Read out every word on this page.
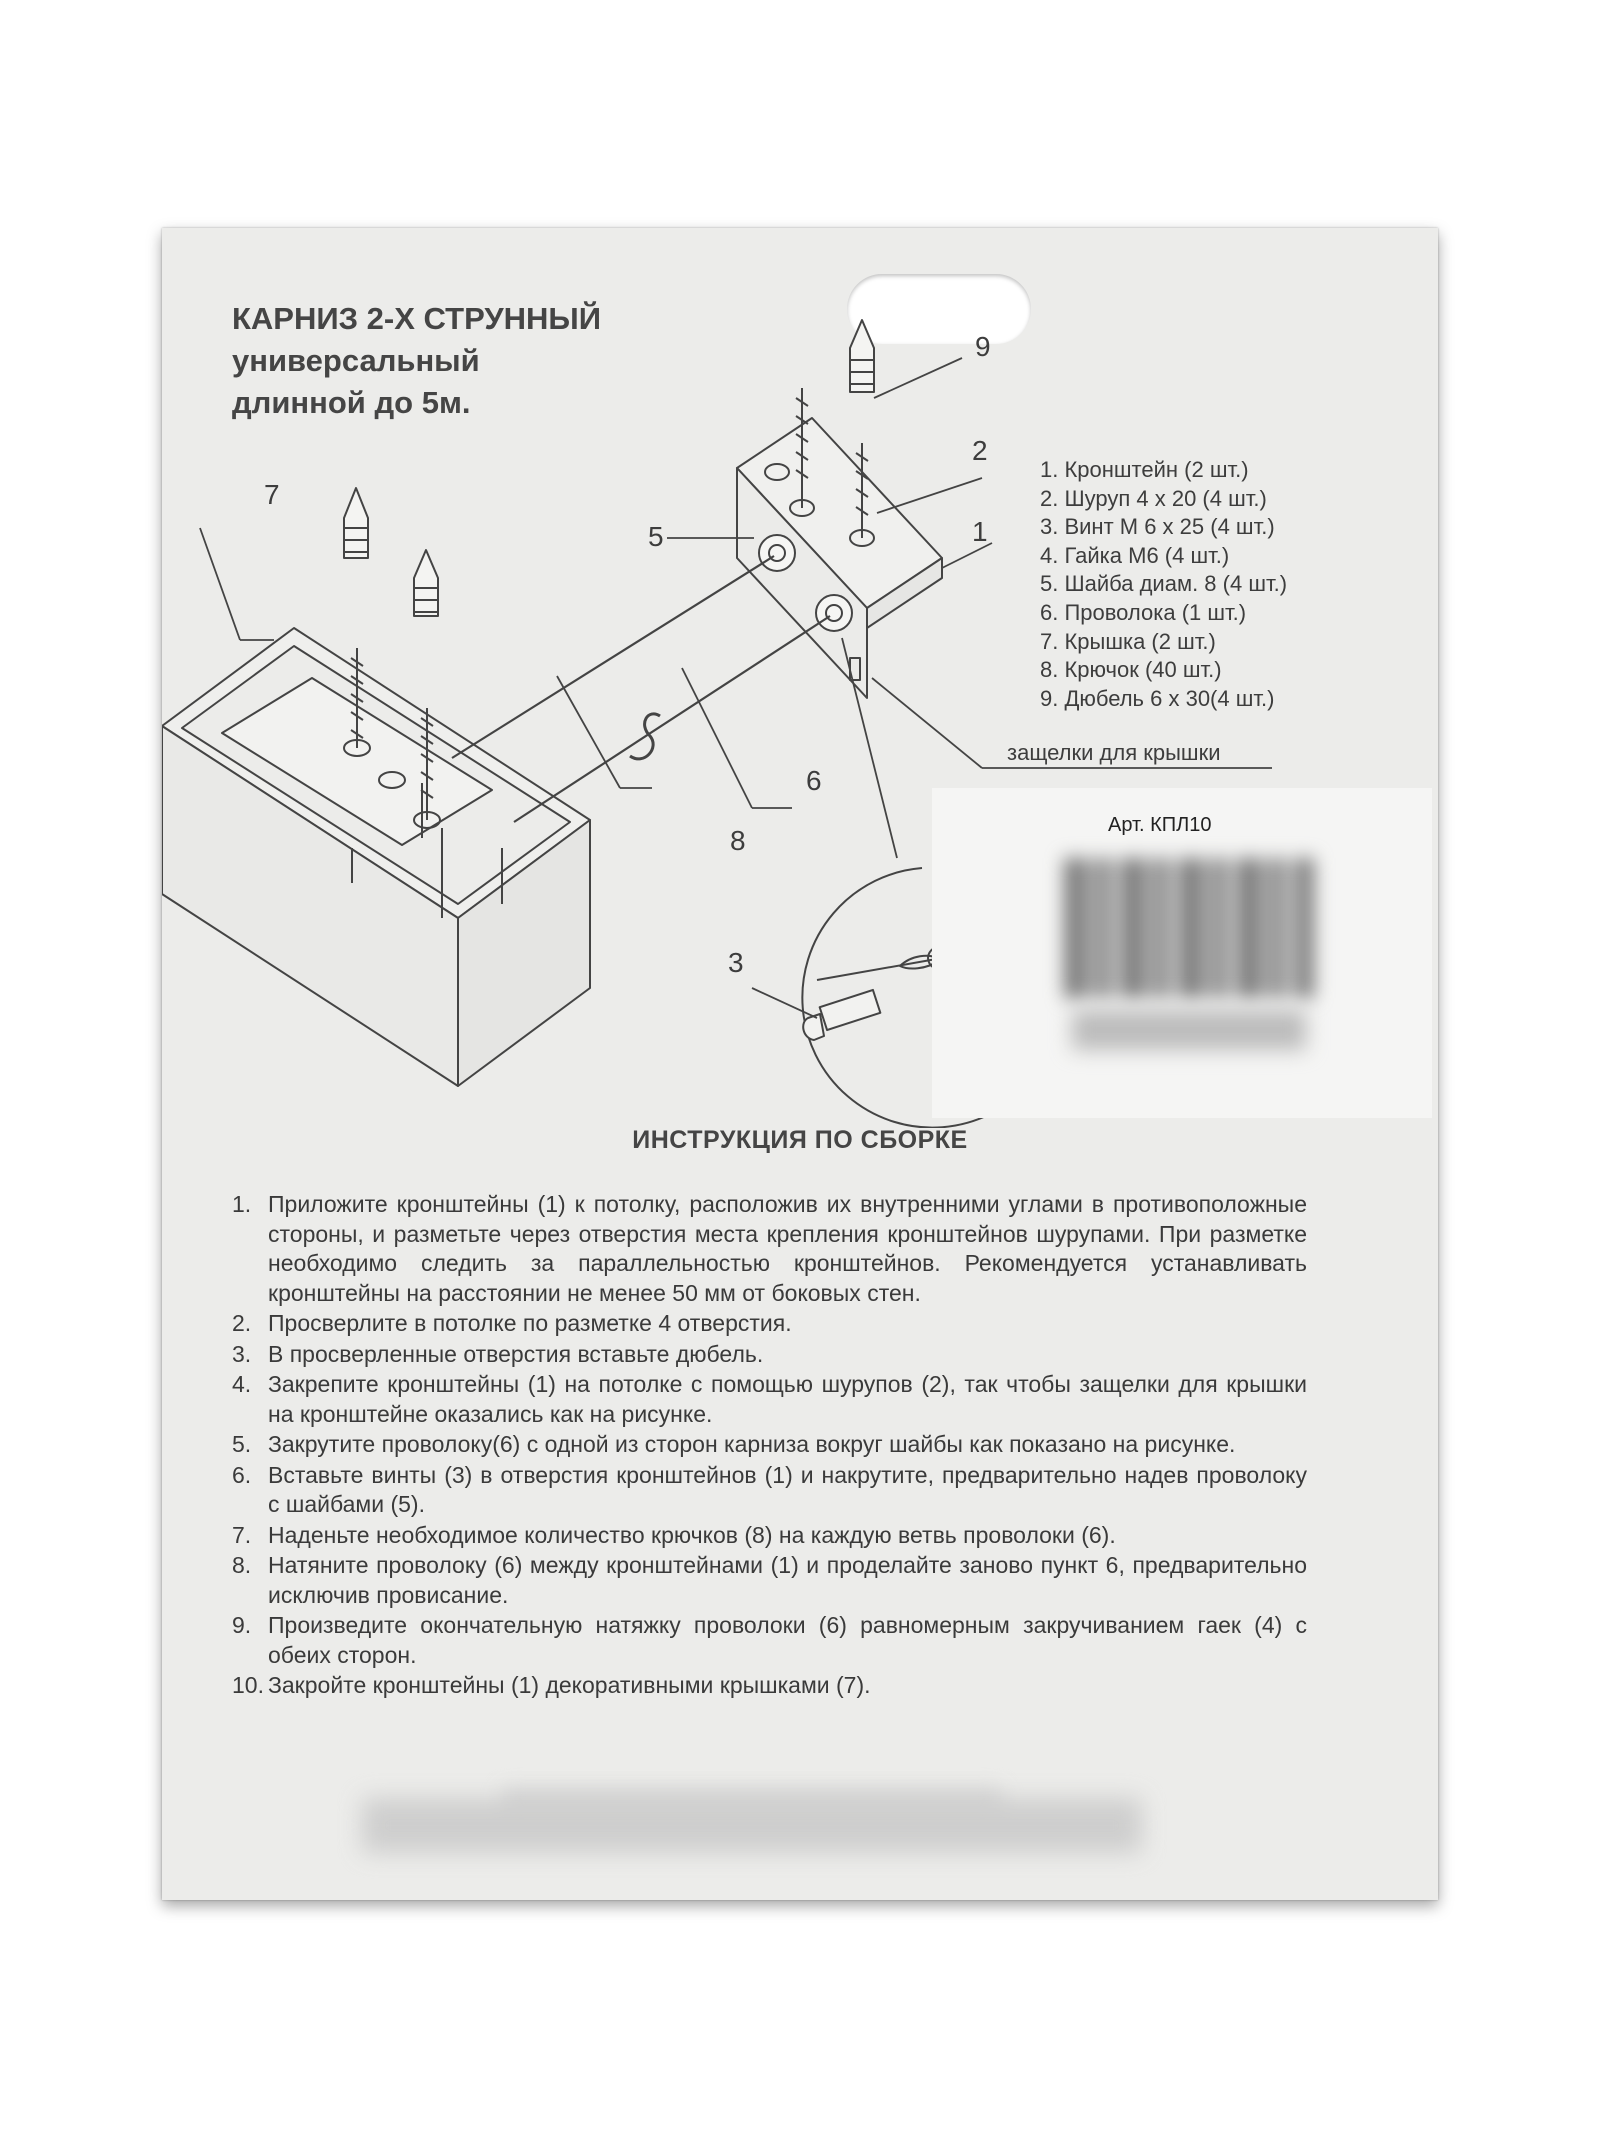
КАРНИЗ 2-Х СТРУННЫЙ
универсальный
длинной до 5м.
9
2
1
5
7
6
8
3
1. Кронштейн (2 шт.)
2. Шуруп 4 х 20 (4 шт.)
3. Винт М 6 х 25 (4 шт.)
4. Гайка М6 (4 шт.)
5. Шайба диам. 8 (4 шт.)
6. Проволока (1 шт.)
7. Крышка (2 шт.)
8. Крючок (40 шт.)
9. Дюбель 6 х 30(4 шт.)
защелки для крышки
Арт. КПЛ10
ИНСТРУКЦИЯ ПО СБОРКЕ
1. Приложите кронштейны (1) к потолку, расположив их внутренними углами в противоположные стороны, и разметьте через отверстия места крепления кронштейнов шурупами. При разметке необходимо следить за параллельностью кронштейнов. Рекомендуется устанавливать кронштейны на расстоянии не менее 50 мм от боковых стен.
2. Просверлите в потолке по разметке 4 отверстия.
3. В просверленные отверстия вставьте дюбель.
4. Закрепите кронштейны (1) на потолке с помощью шурупов (2), так чтобы защелки для крышки на кронштейне оказались как на рисунке.
5. Закрутите проволоку(6) с одной из сторон карниза вокруг шайбы как показано на рисунке.
6. Вставьте винты (3) в отверстия кронштейнов (1) и накрутите, предварительно надев проволоку с шайбами (5).
7. Наденьте необходимое количество крючков (8) на каждую ветвь проволоки (6).
8. Натяните проволоку (6) между кронштейнами (1) и проделайте заново пункт 6, предварительно исключив провисание.
9. Произведите окончательную натяжку проволоки (6) равномерным закручиванием гаек (4) с обеих сторон.
10. Закройте кронштейны (1) декоративными крышками (7).
